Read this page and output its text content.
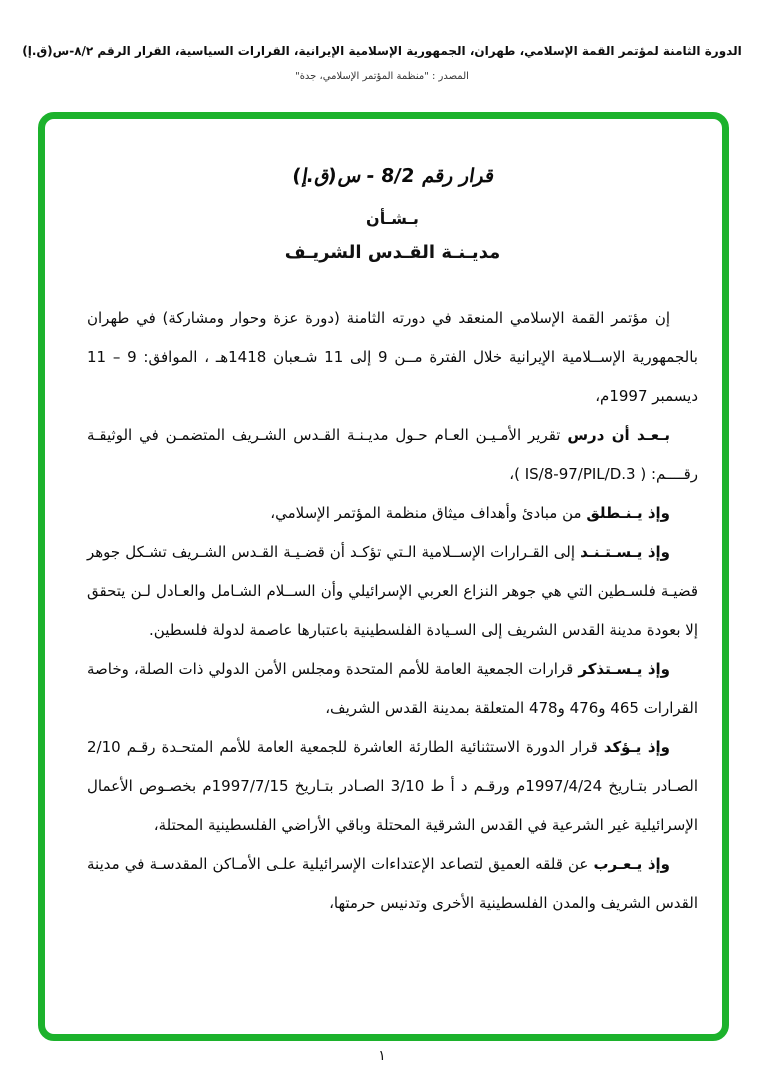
الدورة الثامنة لمؤتمر القمة الإسلامي، طهران، الجمهورية الإسلامية الإيرانية، القرارات السياسية، القرار الرقم ٨/٢-س(ق.إ)
المصدر : "منظمة المؤتمر الإسلامي، جدة"
قرار رقم 8/2 - س(ق.إ)
بـشـأن
مديـنـة القـدس الشريـف

إن مؤتمر القمة الإسلامي المنعقد في دورته الثامنة (دورة عزة وحوار ومشاركة) في طهران بالجمهورية الإســلامية الإيرانية خلال الفترة مــن 9 إلى 11 شـعبان 1418هـ ، الموافق: 9 – 11 ديسمبر 1997م،

بـعـد أن درس تقرير الأمـيـن العـام حـول مديـنـة القـدس الشـريف المتضمـن في الوثيقـة رقــــم: ( IS/8-97/PIL/D.3 )،

وإذ يـنـطلق من مبادئ وأهداف ميثاق منظمة المؤتمر الإسلامي،

وإذ يـسـتـنـد إلى القـرارات الإســلامية الـتي تؤكـد أن قضـيـة القـدس الشـريف تشـكل جوهر قضيـة فلسـطين التي هي جوهر النزاع العربي الإسرائيلي وأن الســلام الشـامل والعـادل لـن يتحقق إلا بعودة مدينة القدس الشريف إلى السـيادة الفلسطينية باعتبارها عاصمة لدولة فلسطين.

وإذ يـسـتذكر قرارات الجمعية العامة للأمم المتحدة ومجلس الأمن الدولي ذات الصلة، وخاصة القرارات 465 و476 و478 المتعلقة بمدينة القدس الشريف،

وإذ يـؤكد قرار الدورة الاستثنائية الطارئة العاشرة للجمعية العامة للأمم المتحـدة رقـم 2/10 الصـادر بتـاريخ 1997/4/24م ورقـم د أ ط 3/10 الصـادر بتـاريخ 1997/7/15م بخصـوص الأعمال الإسرائيلية غير الشرعية في القدس الشرقية المحتلة وباقي الأراضي الفلسطينية المحتلة،

وإذ يـعـرب عن قلقه العميق لتصاعد الإعتداءات الإسرائيلية علـى الأمـاكن المقدسـة في مدينة القدس الشريف والمدن الفلسطينية الأخرى وتدنيس حرمتها،

١
